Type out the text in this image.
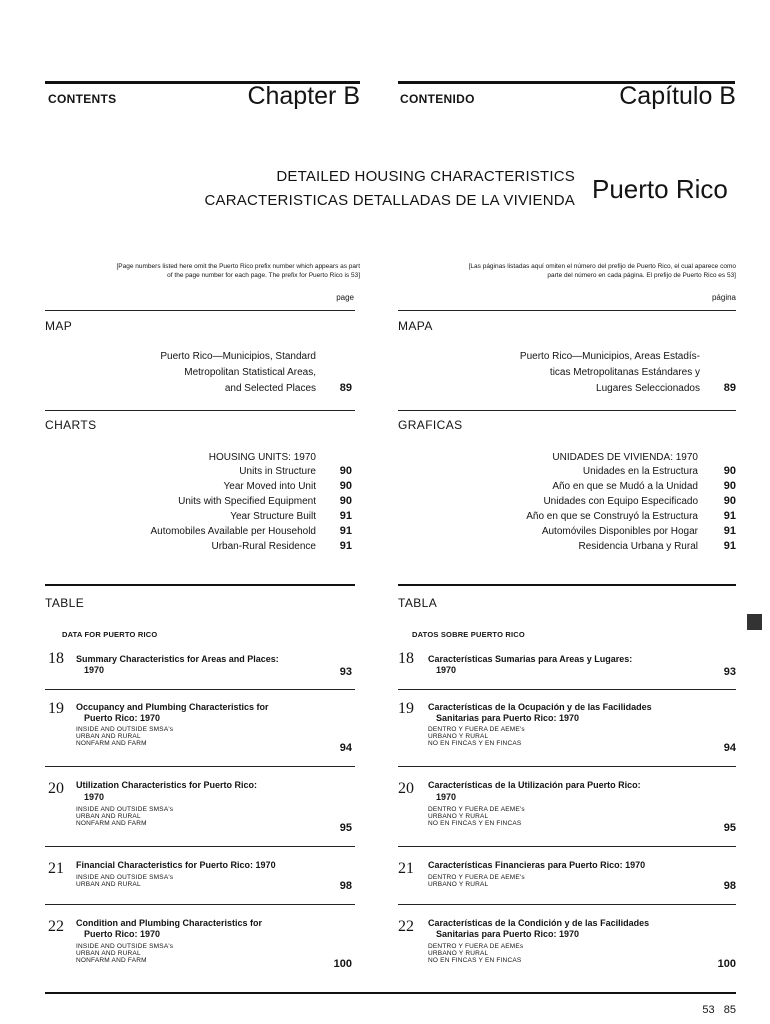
CONTENTS	Chapter B	CONTENIDO	Capítulo B
DETAILED HOUSING CHARACTERISTICS
CARACTERISTICAS DETALLADAS DE LA VIVIENDA Puerto Rico
[Page numbers listed here omit the Puerto Rico prefix number which appears as part
of the page number for each page. The prefix for Puerto Rico is 53]
[Las páginas listadas aquí omiten el número del prefijo de Puerto Rico, el cual aparece como
parte del número en cada página. El prefijo de Puerto Rico es 53]
page	página
MAP
Puerto Rico—Municipios, Standard
Metropolitan Statistical Areas,
and Selected Places	89
CHARTS
HOUSING UNITS: 1970
Units in Structure	90
Year Moved into Unit	90
Units with Specified Equipment	90
Year Structure Built	91
Automobiles Available per Household	91
Urban-Rural Residence	91
TABLE
DATA FOR PUERTO RICO
18 Summary Characteristics for Areas and Places:
1970	93
19 Occupancy and Plumbing Characteristics for
Puerto Rico: 1970
INSIDE AND OUTSIDE SMSA's
URBAN AND RURAL
NONFARM AND FARM	94
20 Utilization Characteristics for Puerto Rico:
1970
INSIDE AND OUTSIDE SMSA's
URBAN AND RURAL
NONFARM AND FARM	95
21 Financial Characteristics for Puerto Rico: 1970
INSIDE AND OUTSIDE SMSA's
URBAN AND RURAL	98
22 Condition and Plumbing Characteristics for
Puerto Rico: 1970
INSIDE AND OUTSIDE SMSA's
URBAN AND RURAL
NONFARM AND FARM	100
MAPA
Puerto Rico—Municipios, Areas Estadís-
ticas Metropolitanas Estándares y
Lugares Seleccionados	89
GRAFICAS
UNIDADES DE VIVIENDA: 1970
Unidades en la Estructura	90
Año en que se Mudó a la Unidad	90
Unidades con Equipo Especificado	90
Año en que se Construyó la Estructura	91
Automóviles Disponibles por Hogar	91
Residencia Urbana y Rural	91
TABLA
DATOS SOBRE PUERTO RICO
18 Características Sumarias para Areas y Lugares:
1970	93
19 Características de la Ocupación y de las Facilidades
Sanitarias para Puerto Rico: 1970
DENTRO Y FUERA DE AEME's
URBANO Y RURAL
NO EN FINCAS Y EN FINCAS	94
20 Características de la Utilización para Puerto Rico:
1970
DENTRO Y FUERA DE AEME's
URBANO Y RURAL
NO EN FINCAS Y EN FINCAS	95
21 Características Financieras para Puerto Rico: 1970
DENTRO Y FUERA DE AEME's
URBANO Y RURAL	98
22 Características de la Condición y de las Facilidades
Sanitarias para Puerto Rico: 1970
DENTRO Y FUERA DE AEMEs
URBANO Y RURAL
NO EN FINCAS Y EN FINCAS	100
53   85
